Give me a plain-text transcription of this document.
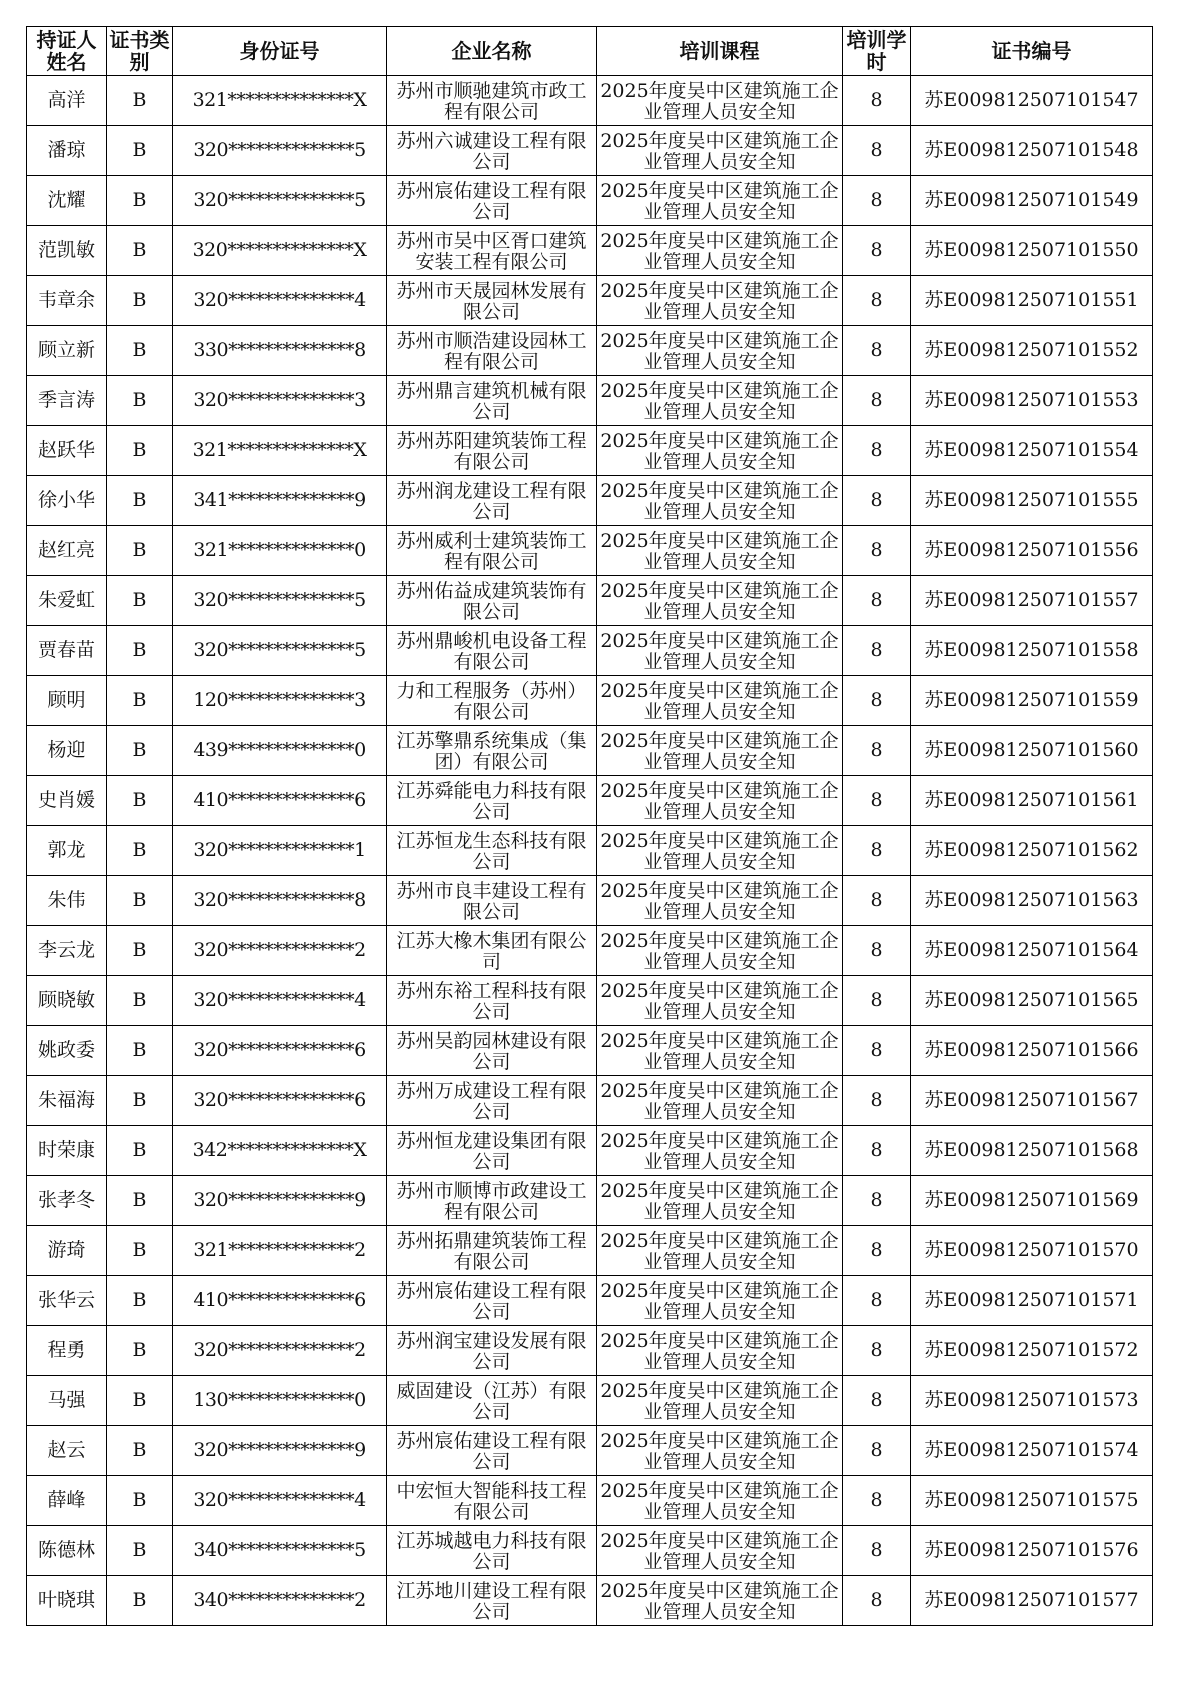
持证人姓名	证书类别	身份证号	企业名称	培训课程	培训学时	证书编号
高洋	B	321**************X	苏州市顺驰建筑市政工程有限公司	2025年度吴中区建筑施工企业管理人员安全知	8	苏E009812507101547
潘琼	B	320**************5	苏州六诚建设工程有限公司	2025年度吴中区建筑施工企业管理人员安全知	8	苏E009812507101548
沈耀	B	320**************5	苏州宸佑建设工程有限公司	2025年度吴中区建筑施工企业管理人员安全知	8	苏E009812507101549
范凯敏	B	320**************X	苏州市吴中区胥口建筑安装工程有限公司	2025年度吴中区建筑施工企业管理人员安全知	8	苏E009812507101550
韦章余	B	320**************4	苏州市天晟园林发展有限公司	2025年度吴中区建筑施工企业管理人员安全知	8	苏E009812507101551
顾立新	B	330**************8	苏州市顺浩建设园林工程有限公司	2025年度吴中区建筑施工企业管理人员安全知	8	苏E009812507101552
季言涛	B	320**************3	苏州鼎言建筑机械有限公司	2025年度吴中区建筑施工企业管理人员安全知	8	苏E009812507101553
赵跃华	B	321**************X	苏州苏阳建筑装饰工程有限公司	2025年度吴中区建筑施工企业管理人员安全知	8	苏E009812507101554
徐小华	B	341**************9	苏州润龙建设工程有限公司	2025年度吴中区建筑施工企业管理人员安全知	8	苏E009812507101555
赵红亮	B	321**************0	苏州威利士建筑装饰工程有限公司	2025年度吴中区建筑施工企业管理人员安全知	8	苏E009812507101556
朱爱虹	B	320**************5	苏州佑益成建筑装饰有限公司	2025年度吴中区建筑施工企业管理人员安全知	8	苏E009812507101557
贾春苗	B	320**************5	苏州鼎峻机电设备工程有限公司	2025年度吴中区建筑施工企业管理人员安全知	8	苏E009812507101558
顾明	B	120**************3	力和工程服务（苏州）有限公司	2025年度吴中区建筑施工企业管理人员安全知	8	苏E009812507101559
杨迎	B	439**************0	江苏擎鼎系统集成（集团）有限公司	2025年度吴中区建筑施工企业管理人员安全知	8	苏E009812507101560
史肖媛	B	410**************6	江苏舜能电力科技有限公司	2025年度吴中区建筑施工企业管理人员安全知	8	苏E009812507101561
郭龙	B	320**************1	江苏恒龙生态科技有限公司	2025年度吴中区建筑施工企业管理人员安全知	8	苏E009812507101562
朱伟	B	320**************8	苏州市良丰建设工程有限公司	2025年度吴中区建筑施工企业管理人员安全知	8	苏E009812507101563
李云龙	B	320**************2	江苏大橡木集团有限公司	2025年度吴中区建筑施工企业管理人员安全知	8	苏E009812507101564
顾晓敏	B	320**************4	苏州东裕工程科技有限公司	2025年度吴中区建筑施工企业管理人员安全知	8	苏E009812507101565
姚政委	B	320**************6	苏州吴韵园林建设有限公司	2025年度吴中区建筑施工企业管理人员安全知	8	苏E009812507101566
朱福海	B	320**************6	苏州万成建设工程有限公司	2025年度吴中区建筑施工企业管理人员安全知	8	苏E009812507101567
时荣康	B	342**************X	苏州恒龙建设集团有限公司	2025年度吴中区建筑施工企业管理人员安全知	8	苏E009812507101568
张孝冬	B	320**************9	苏州市顺博市政建设工程有限公司	2025年度吴中区建筑施工企业管理人员安全知	8	苏E009812507101569
游琦	B	321**************2	苏州拓鼎建筑装饰工程有限公司	2025年度吴中区建筑施工企业管理人员安全知	8	苏E009812507101570
张华云	B	410**************6	苏州宸佑建设工程有限公司	2025年度吴中区建筑施工企业管理人员安全知	8	苏E009812507101571
程勇	B	320**************2	苏州润宝建设发展有限公司	2025年度吴中区建筑施工企业管理人员安全知	8	苏E009812507101572
马强	B	130**************0	威固建设（江苏）有限公司	2025年度吴中区建筑施工企业管理人员安全知	8	苏E009812507101573
赵云	B	320**************9	苏州宸佑建设工程有限公司	2025年度吴中区建筑施工企业管理人员安全知	8	苏E009812507101574
薛峰	B	320**************4	中宏恒大智能科技工程有限公司	2025年度吴中区建筑施工企业管理人员安全知	8	苏E009812507101575
陈德林	B	340**************5	江苏城越电力科技有限公司	2025年度吴中区建筑施工企业管理人员安全知	8	苏E009812507101576
叶晓琪	B	340**************2	江苏地川建设工程有限公司	2025年度吴中区建筑施工企业管理人员安全知	8	苏E009812507101577
